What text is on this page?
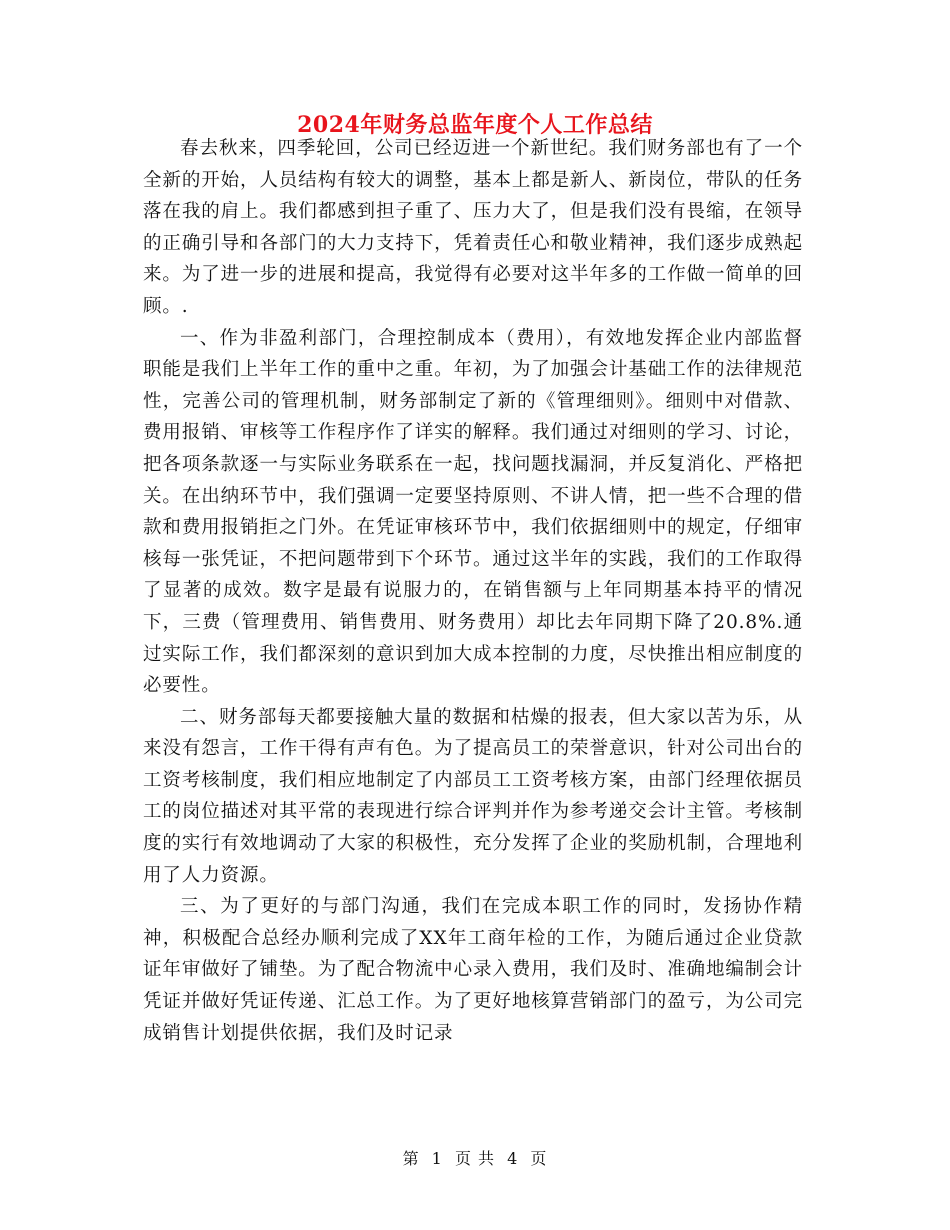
2024年财务总监年度个人工作总结

春去秋来，四季轮回，公司已经迈进一个新世纪。我们财务部也有了一个全新的开始，人员结构有较大的调整，基本上都是新人、新岗位，带队的任务落在我的肩上。我们都感到担子重了、压力大了，但是我们没有畏缩，在领导的正确引导和各部门的大力支持下，凭着责任心和敬业精神，我们逐步成熟起来。为了进一步的进展和提高，我觉得有必要对这半年多的工作做一简单的回顾。.

一、作为非盈利部门，合理控制成本（费用），有效地发挥企业内部监督职能是我们上半年工作的重中之重。年初，为了加强会计基础工作的法律规范性，完善公司的管理机制，财务部制定了新的《管理细则》。细则中对借款、费用报销、审核等工作程序作了详实的解释。我们通过对细则的学习、讨论，把各项条款逐一与实际业务联系在一起，找问题找漏洞，并反复消化、严格把关。在出纳环节中，我们强调一定要坚持原则、不讲人情，把一些不合理的借款和费用报销拒之门外。在凭证审核环节中，我们依据细则中的规定，仔细审核每一张凭证，不把问题带到下个环节。通过这半年的实践，我们的工作取得了显著的成效。数字是最有说服力的，在销售额与上年同期基本持平的情况下，三费（管理费用、销售费用、财务费用）却比去年同期下降了20.8%.通过实际工作，我们都深刻的意识到加大成本控制的力度，尽快推出相应制度的必要性。

二、财务部每天都要接触大量的数据和枯燥的报表，但大家以苦为乐，从来没有怨言，工作干得有声有色。为了提高员工的荣誉意识，针对公司出台的工资考核制度，我们相应地制定了内部员工工资考核方案，由部门经理依据员工的岗位描述对其平常的表现进行综合评判并作为参考递交会计主管。考核制度的实行有效地调动了大家的积极性，充分发挥了企业的奖励机制，合理地利用了人力资源。

三、为了更好的与部门沟通，我们在完成本职工作的同时，发扬协作精神，积极配合总经办顺利完成了XX年工商年检的工作，为随后通过企业贷款证年审做好了铺垫。为了配合物流中心录入费用，我们及时、准确地编制会计凭证并做好凭证传递、汇总工作。为了更好地核算营销部门的盈亏，为公司完成销售计划提供依据，我们及时记录

第 1 页 共 4 页
